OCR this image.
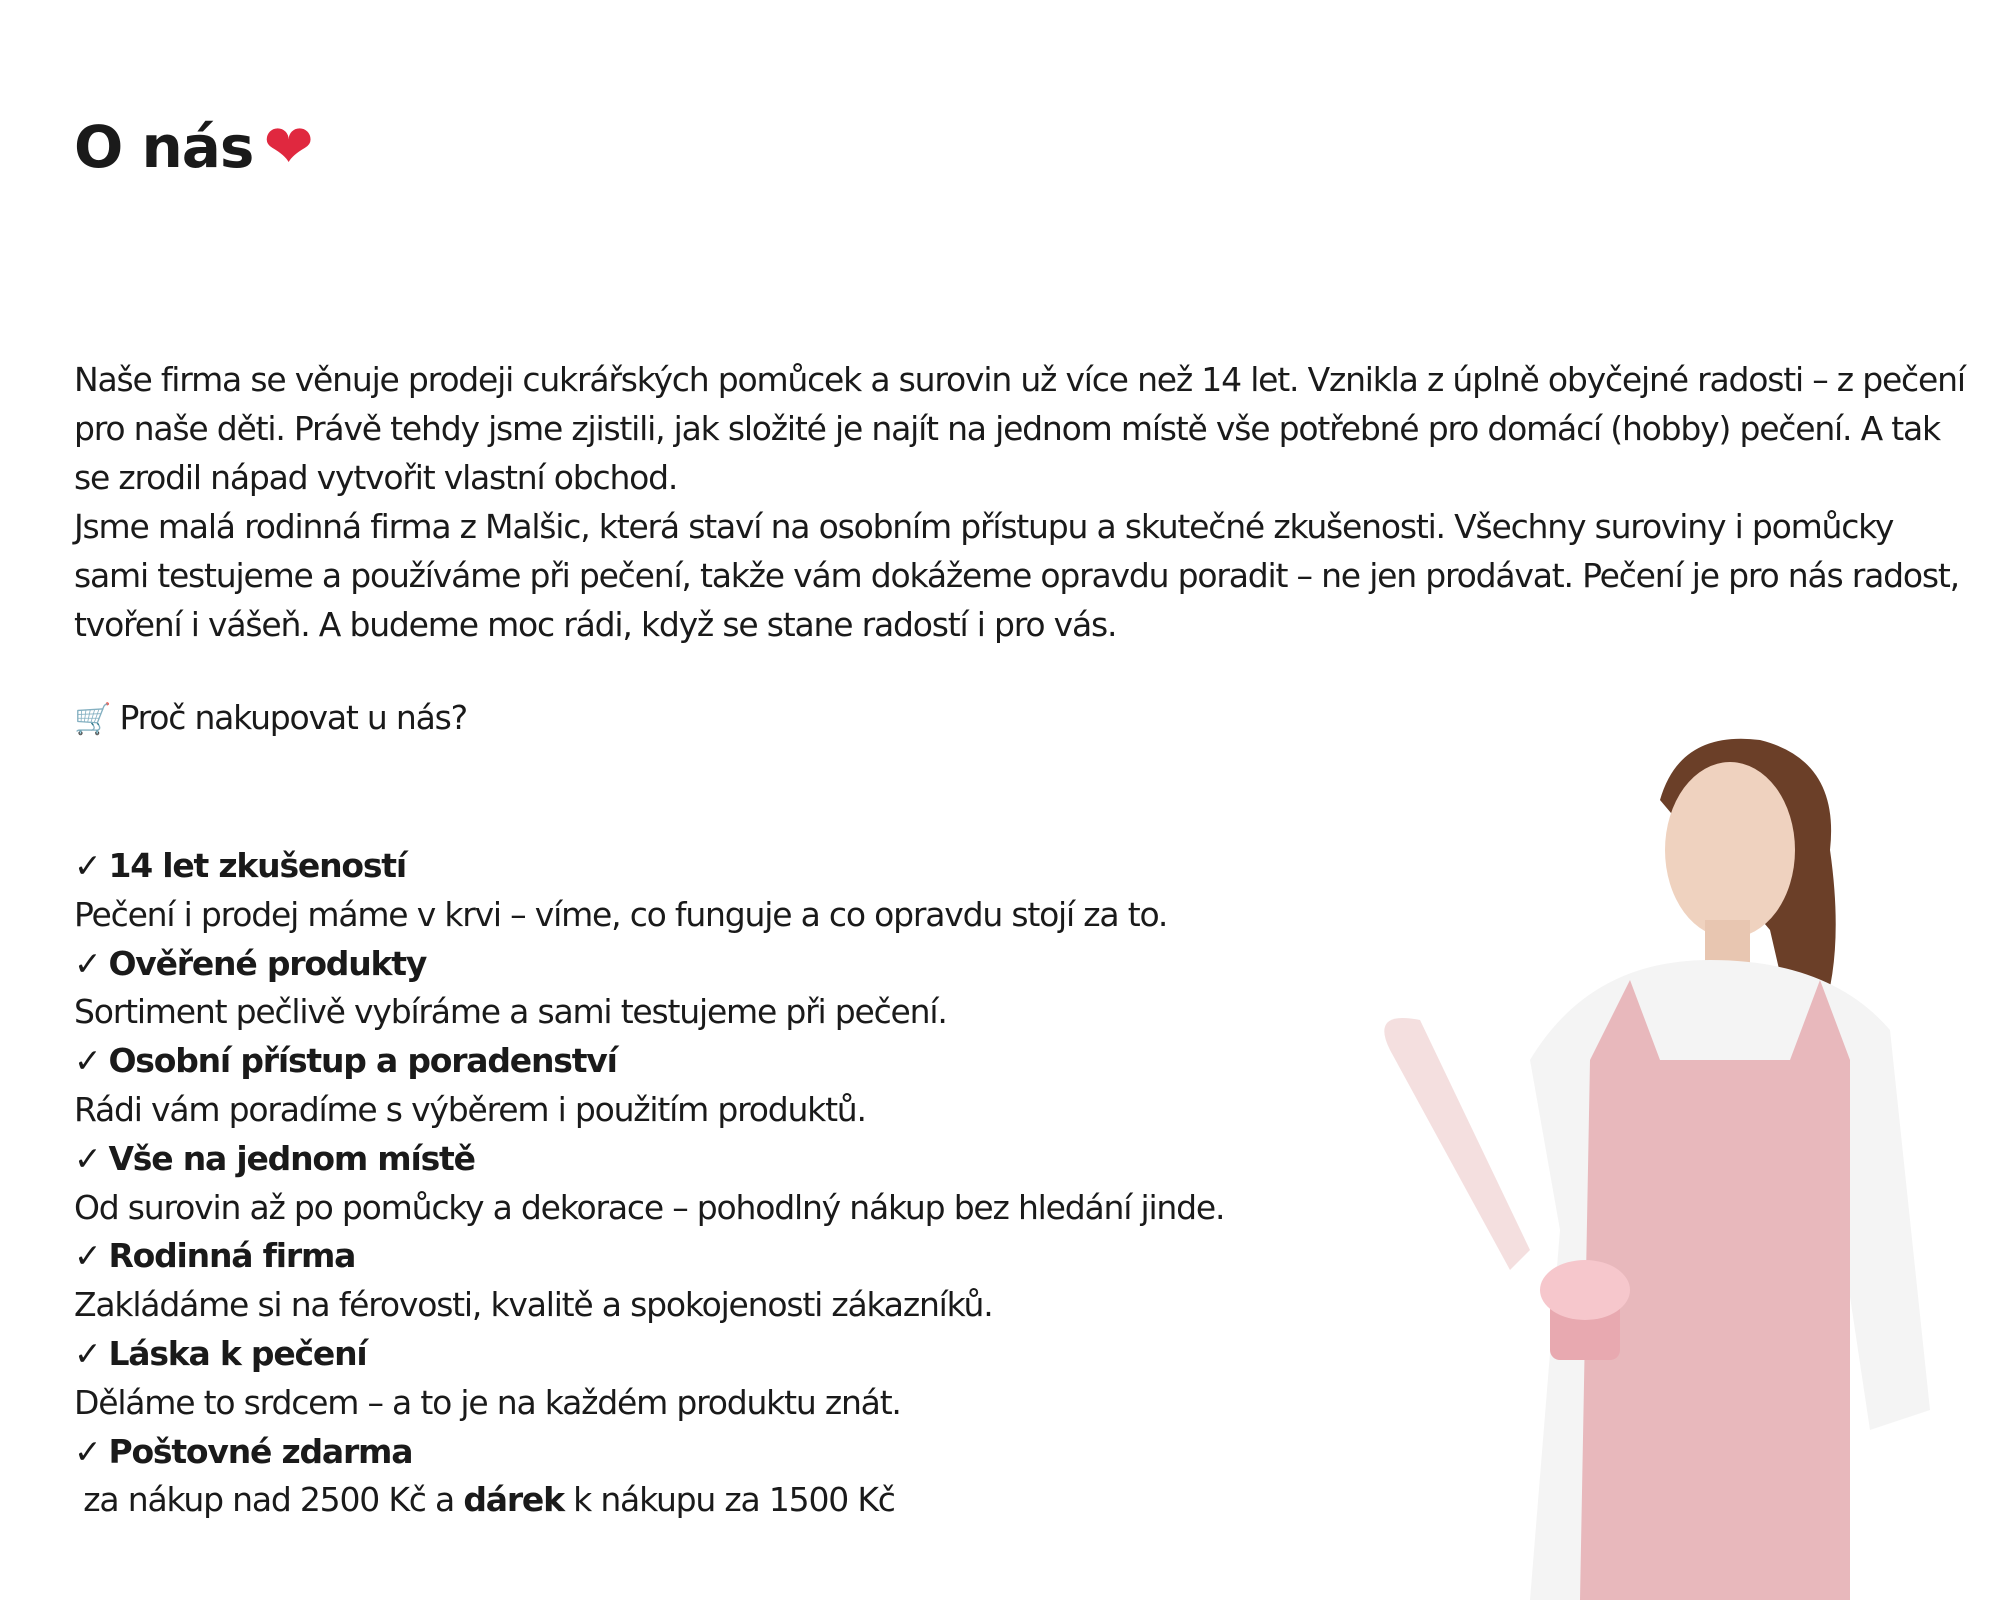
O nás ❤

Naše firma se věnuje prodeji cukrářských pomůcek a surovin už více než 14 let. Vznikla z úplně obyčejné radosti – z pečení pro naše děti. Právě tehdy jsme zjistili, jak složité je najít na jednom místě vše potřebné pro domácí (hobby) pečení. A tak se zrodil nápad vytvořit vlastní obchod.

Jsme malá rodinná firma z Malšic, která staví na osobním přístupu a skutečné zkušenosti. Všechny suroviny i pomůcky sami testujeme a používáme při pečení, takže vám dokážeme opravdu poradit – ne jen prodávat. Pečení je pro nás radost, tvoření i vášeň. A budeme moc rádi, když se stane radostí i pro vás.

🛒 Proč nakupovat u nás?
✓ 14 let zkušeností
Pečení i prodej máme v krvi – víme, co funguje a co opravdu stojí za to.
✓ Ověřené produkty
Sortiment pečlivě vybíráme a sami testujeme při pečení.
✓ Osobní přístup a poradenství
Rádi vám poradíme s výběrem i použitím produktů.
✓ Vše na jednom místě
Od surovin až po pomůcky a dekorace – pohodlný nákup bez hledání jinde.
✓ Rodinná firma
Zakládáme si na férovosti, kvalitě a spokojenosti zákazníků.
✓ Láska k pečení
Děláme to srdcem – a to je na každém produktu znát.
✓ Poštovné zdarma
za nákup nad 2500 Kč a dárek k nákupu za 1500 Kč
